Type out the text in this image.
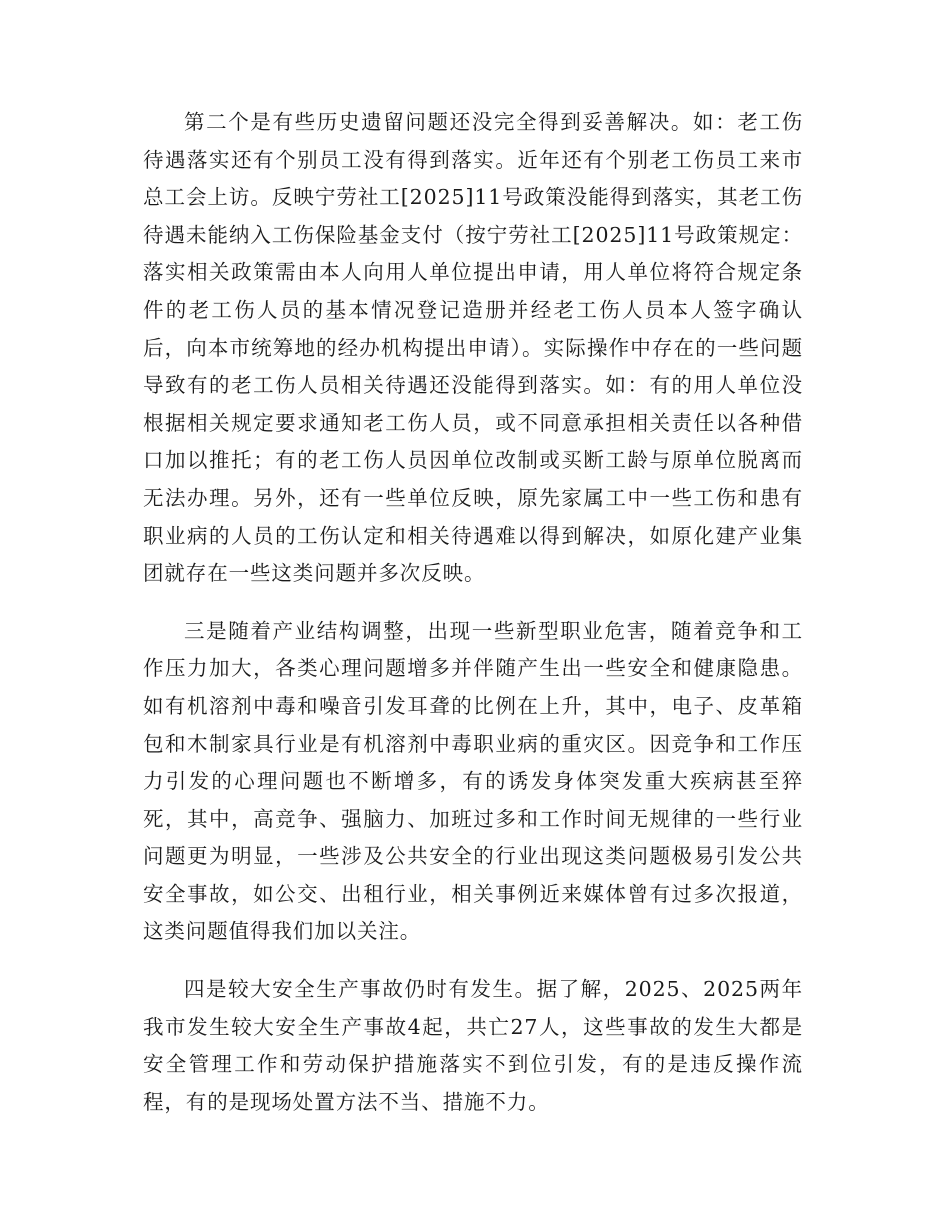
第二个是有些历史遗留问题还没完全得到妥善解决。如：老工伤待遇落实还有个别员工没有得到落实。近年还有个别老工伤员工来市总工会上访。反映宁劳社工[2025]11号政策没能得到落实，其老工伤待遇未能纳入工伤保险基金支付（按宁劳社工[2025]11号政策规定：落实相关政策需由本人向用人单位提出申请，用人单位将符合规定条件的老工伤人员的基本情况登记造册并经老工伤人员本人签字确认后，向本市统筹地的经办机构提出申请）。实际操作中存在的一些问题导致有的老工伤人员相关待遇还没能得到落实。如：有的用人单位没根据相关规定要求通知老工伤人员，或不同意承担相关责任以各种借口加以推托；有的老工伤人员因单位改制或买断工龄与原单位脱离而无法办理。另外，还有一些单位反映，原先家属工中一些工伤和患有职业病的人员的工伤认定和相关待遇难以得到解决，如原化建产业集团就存在一些这类问题并多次反映。

三是随着产业结构调整，出现一些新型职业危害，随着竞争和工作压力加大，各类心理问题增多并伴随产生出一些安全和健康隐患。如有机溶剂中毒和噪音引发耳聋的比例在上升，其中，电子、皮革箱包和木制家具行业是有机溶剂中毒职业病的重灾区。因竞争和工作压力引发的心理问题也不断增多，有的诱发身体突发重大疾病甚至猝死，其中，高竞争、强脑力、加班过多和工作时间无规律的一些行业问题更为明显，一些涉及公共安全的行业出现这类问题极易引发公共安全事故，如公交、出租行业，相关事例近来媒体曾有过多次报道，这类问题值得我们加以关注。

四是较大安全生产事故仍时有发生。据了解，2025、2025两年我市发生较大安全生产事故4起，共亡27人，这些事故的发生大都是安全管理工作和劳动保护措施落实不到位引发，有的是违反操作流程，有的是现场处置方法不当、措施不力。
